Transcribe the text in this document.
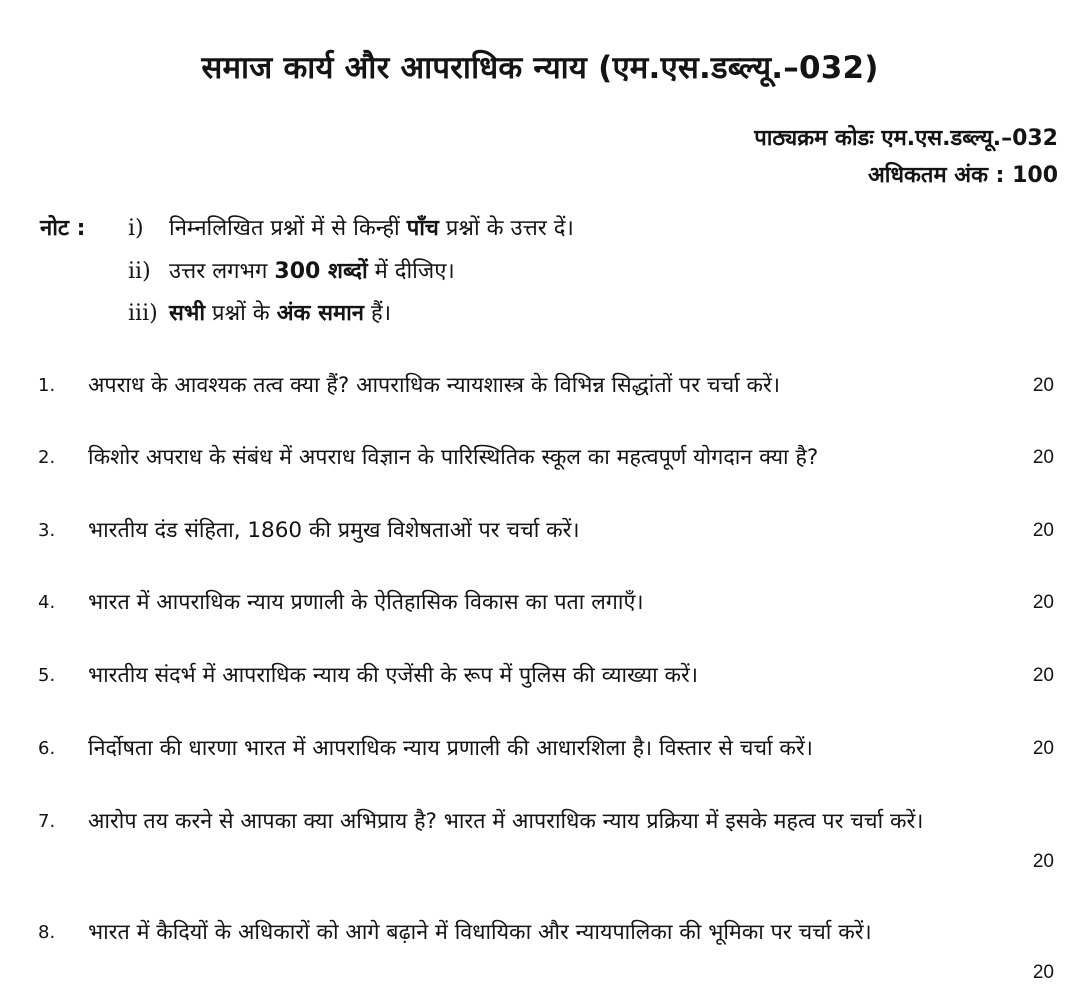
समाज कार्य और आपराधिक न्याय (एम.एस.डब्ल्यू.–032)
पाठ्यक्रम कोडः एम.एस.डब्ल्यू.–032
अधिकतम अंक : 100
नोट : i) निम्नलिखित प्रश्नों में से किन्हीं पाँच प्रश्नों के उत्तर दें।
ii) उत्तर लगभग 300 शब्दों में दीजिए।
iii) सभी प्रश्नों के अंक समान हैं।
1.	अपराध के आवश्यक तत्व क्या हैं? आपराधिक न्यायशास्त्र के विभिन्न सिद्धांतों पर चर्चा करें।	20
2.	किशोर अपराध के संबंध में अपराध विज्ञान के पारिस्थितिक स्कूल का महत्वपूर्ण योगदान क्या है?	20
3.	भारतीय दंड संहिता, 1860 की प्रमुख विशेषताओं पर चर्चा करें।	20
4.	भारत में आपराधिक न्याय प्रणाली के ऐतिहासिक विकास का पता लगाएँ।	20
5.	भारतीय संदर्भ में आपराधिक न्याय की एजेंसी के रूप में पुलिस की व्याख्या करें।	20
6.	निर्दोषता की धारणा भारत में आपराधिक न्याय प्रणाली की आधारशिला है। विस्तार से चर्चा करें।	20
7.	आरोप तय करने से आपका क्या अभिप्राय है? भारत में आपराधिक न्याय प्रक्रिया में इसके महत्व पर चर्चा करें।
20
8.	भारत में कैदियों के अधिकारों को आगे बढ़ाने में विधायिका और न्यायपालिका की भूमिका पर चर्चा करें।
20
